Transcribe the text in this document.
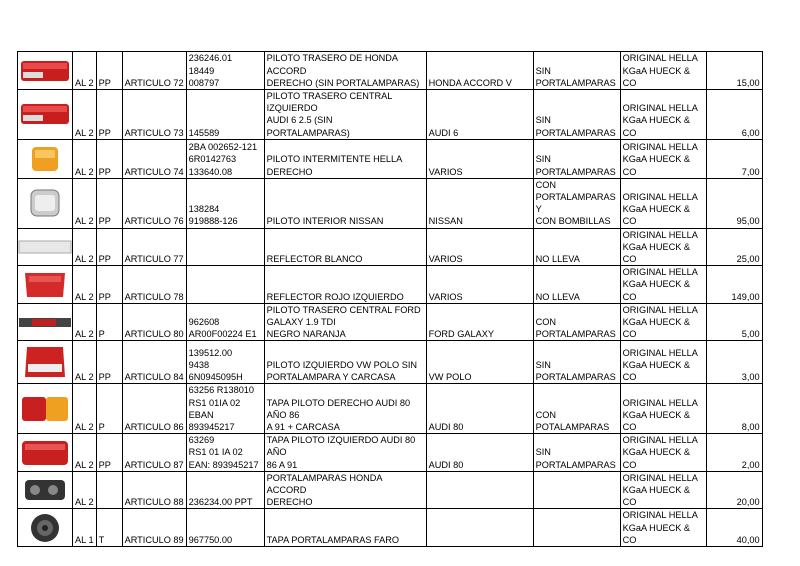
	AL 2	PP	ARTICULO 72	236246.01
18449
008797	PILOTO TRASERO DE HONDA ACCORD
DERECHO (SIN PORTALAMPARAS)	HONDA ACCORD V	SIN
PORTALAMPARAS	ORIGINAL HELLA
KGaA HUECK & CO	15,00

	AL 2	PP	ARTICULO 73	145589	PILOTO TRASERO CENTRAL IZQUIERDO
AUDI 6 2.5 (SIN
PORTALAMPARAS)	AUDI 6	SIN
PORTALAMPARAS	ORIGINAL HELLA
KGaA HUECK & CO	6,00

	AL 2	PP	ARTICULO 74	2BA 002652-121
6R0142763
133640.08	PILOTO INTERMITENTE HELLA DERECHO	VARIOS	SIN
PORTALAMPARAS	ORIGINAL HELLA
KGaA HUECK & CO	7,00

	AL 2	PP	ARTICULO 76	138284
919888-126	PILOTO INTERIOR NISSAN	NISSAN	CON
PORTALAMPARAS Y
CON BOMBILLAS	ORIGINAL HELLA
KGaA HUECK & CO	95,00

	AL 2	PP	ARTICULO 77		REFLECTOR BLANCO	VARIOS	NO LLEVA	ORIGINAL HELLA
KGaA HUECK & CO	25,00

	AL 2	PP	ARTICULO 78		REFLECTOR ROJO IZQUIERDO	VARIOS	NO LLEVA	ORIGINAL HELLA
KGaA HUECK & CO	149,00

	AL 2	P	ARTICULO 80	962608
AR00F00224 E1	PILOTO TRASERO CENTRAL FORD
GALAXY 1.9 TDI
NEGRO NARANJA	FORD GALAXY	CON
PORTALAMPARAS	ORIGINAL HELLA
KGaA HUECK & CO	5,00

	AL 2	PP	ARTICULO 84	139512.00
9438
6N0945095H	PILOTO IZQUIERDO VW POLO SIN
PORTALAMPARA Y CARCASA	VW POLO	SIN
PORTALAMPARAS	ORIGINAL HELLA
KGaA HUECK & CO	3,00

	AL 2	P	ARTICULO 86	63256 R138010
RS1 01IA 02
EBAN 893945217	TAPA PILOTO DERECHO AUDI 80 AÑO 86
A 91 + CARCASA	AUDI 80	CON
POTALAMPARAS	ORIGINAL HELLA
KGaA HUECK & CO	8,00

	AL 2	PP	ARTICULO 87	63269
RS1 01 IA 02
EAN: 893945217	TAPA PILOTO IZQUIERDO AUDI 80 AÑO
86 A 91	AUDI 80	SIN
PORTALAMPARAS	ORIGINAL HELLA
KGaA HUECK & CO	2,00

	AL 2		ARTICULO 88	236234.00 PPT	PORTALAMPARAS HONDA ACCORD
DERECHO			ORIGINAL HELLA
KGaA HUECK & CO	20,00

	AL 1	T	ARTICULO 89	967750.00	TAPA PORTALAMPARAS FARO			ORIGINAL HELLA
KGaA HUECK & CO	40,00
